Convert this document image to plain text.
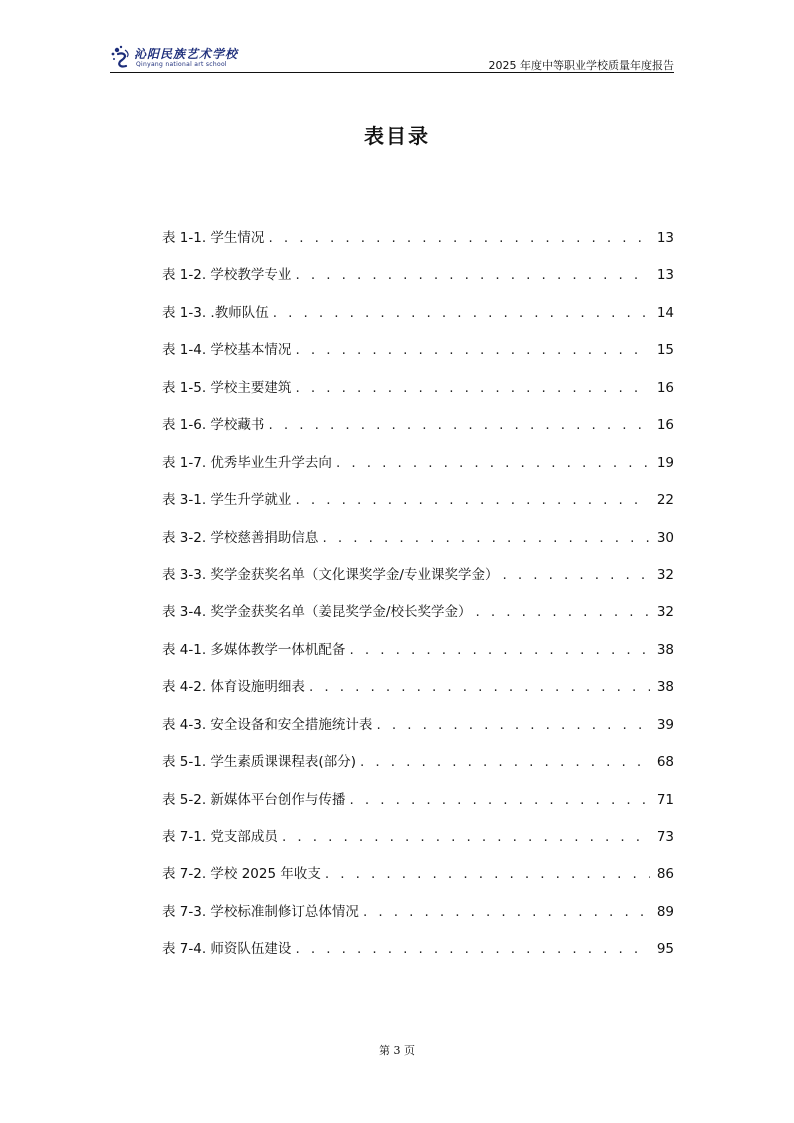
沁阳民族艺术学校
Qinyang national art school	2025 年度中等职业学校质量年度报告
表目录
表 1-1. 学生情况 . . .	13
表 1-2. 学校教学专业 . . .	13
表 1-3. .教师队伍 . . .	14
表 1-4. 学校基本情况 . . .	15
表 1-5. 学校主要建筑 . . .	16
表 1-6. 学校藏书 . . .	16
表 1-7. 优秀毕业生升学去向 . . .	19
表 3-1. 学生升学就业 . . .	22
表 3-2. 学校慈善捐助信息 . . .	30
表 3-3. 奖学金获奖名单（文化课奖学金/专业课奖学金） . . .	32
表 3-4. 奖学金获奖名单（姜昆奖学金/校长奖学金） . . .	32
表 4-1. 多媒体教学一体机配备 . . .	38
表 4-2. 体育设施明细表 . . .	38
表 4-3. 安全设备和安全措施统计表 . . .	39
表 5-1. 学生素质课课程表(部分) . . .	68
表 5-2. 新媒体平台创作与传播 . . .	71
表 7-1. 党支部成员 . . .	73
表 7-2. 学校 2025 年收支 . . .	86
表 7-3. 学校标准制修订总体情况 . . .	89
表 7-4. 师资队伍建设 . . .	95
第 3 页
